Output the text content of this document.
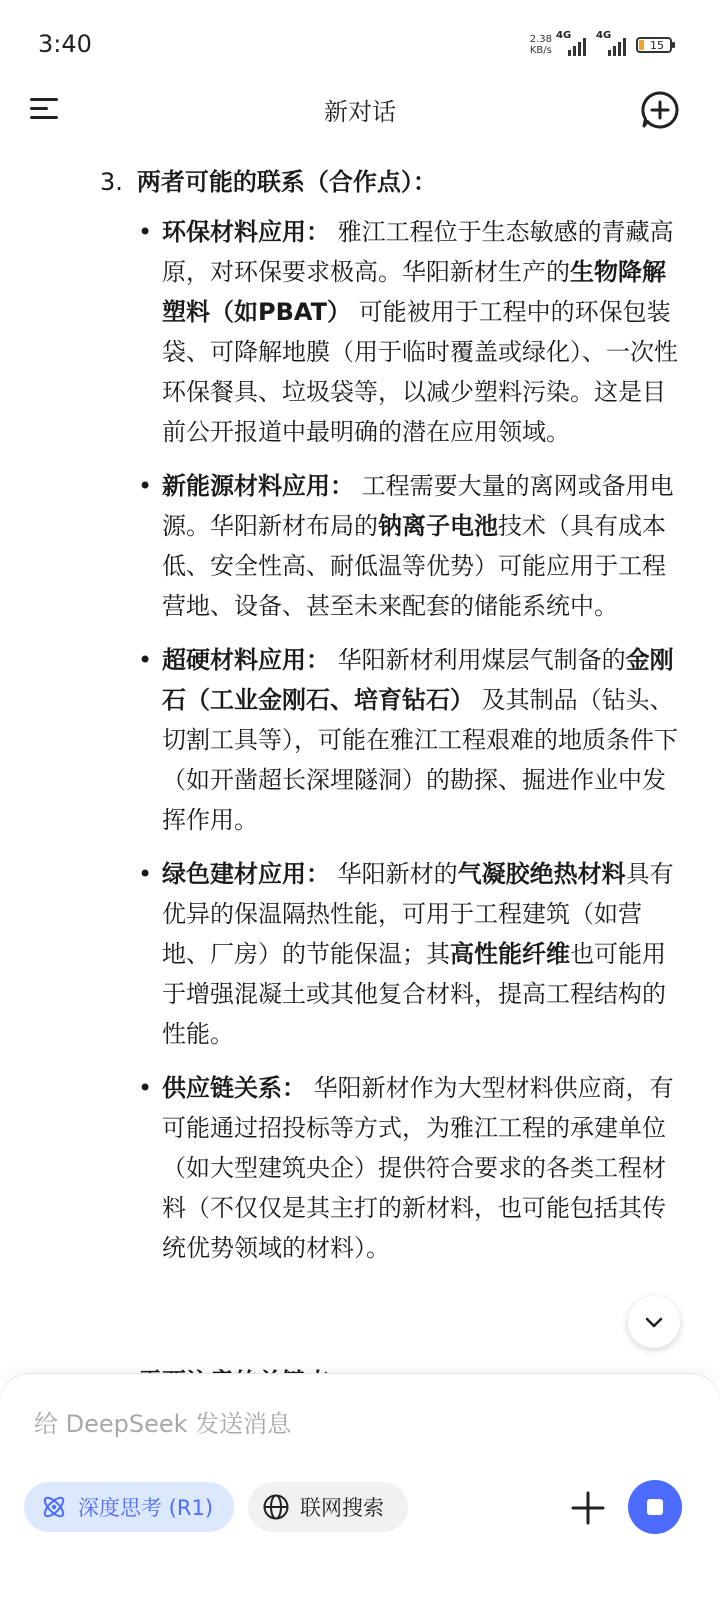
3:40	2.38
KB/s
4G 4G
15
新对话
3. 两者可能的联系（合作点）：
• 环保材料应用： 雅江工程位于生态敏感的青藏高原，对环保要求极高。华阳新材生产的生物降解塑料（如PBAT） 可能被用于工程中的环保包装袋、可降解地膜（用于临时覆盖或绿化）、一次性环保餐具、垃圾袋等，以减少塑料污染。这是目前公开报道中最明确的潜在应用领域。
• 新能源材料应用： 工程需要大量的离网或备用电源。华阳新材布局的钠离子电池技术（具有成本低、安全性高、耐低温等优势）可能应用于工程营地、设备、甚至未来配套的储能系统中。
• 超硬材料应用： 华阳新材利用煤层气制备的金刚石（工业金刚石、培育钻石） 及其制品（钻头、切割工具等），可能在雅江工程艰难的地质条件下（如开凿超长深埋隧洞）的勘探、掘进作业中发挥作用。
• 绿色建材应用： 华阳新材的气凝胶绝热材料具有优异的保温隔热性能，可用于工程建筑（如营地、厂房）的节能保温；其高性能纤维也可能用于增强混凝土或其他复合材料，提高工程结构的性能。
• 供应链关系： 华阳新材作为大型材料供应商，有可能通过招投标等方式，为雅江工程的承建单位（如大型建筑央企）提供符合要求的各类工程材料（不仅仅是其主打的新材料，也可能包括其传统优势领域的材料）。
给 DeepSeek 发送消息
深度思考 (R1)	联网搜索
